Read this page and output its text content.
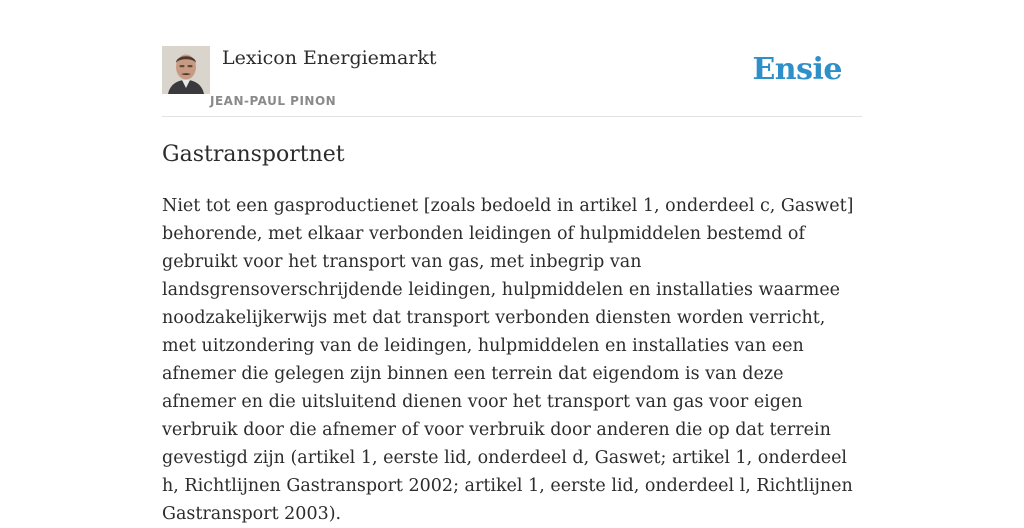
Lexicon Energiemarkt
JEAN-PAUL PINON
Ensie
Gastransportnet

Niet tot een gasproductienet [zoals bedoeld in artikel 1, onderdeel c, Gaswet] behorende, met elkaar verbonden leidingen of hulpmiddelen bestemd of gebruikt voor het transport van gas, met inbegrip van landsgrensoverschrijdende leidingen, hulpmiddelen en installaties waarmee noodzakelijkerwijs met dat transport verbonden diensten worden verricht, met uitzondering van de leidingen, hulpmiddelen en installaties van een afnemer die gelegen zijn binnen een terrein dat eigendom is van deze afnemer en die uitsluitend dienen voor het transport van gas voor eigen verbruik door die afnemer of voor verbruik door anderen die op dat terrein gevestigd zijn (artikel 1, eerste lid, onderdeel d, Gaswet; artikel 1, onderdeel h, Richtlijnen Gastransport 2002; artikel 1, eerste lid, onderdeel l, Richtlijnen Gastransport 2003).
